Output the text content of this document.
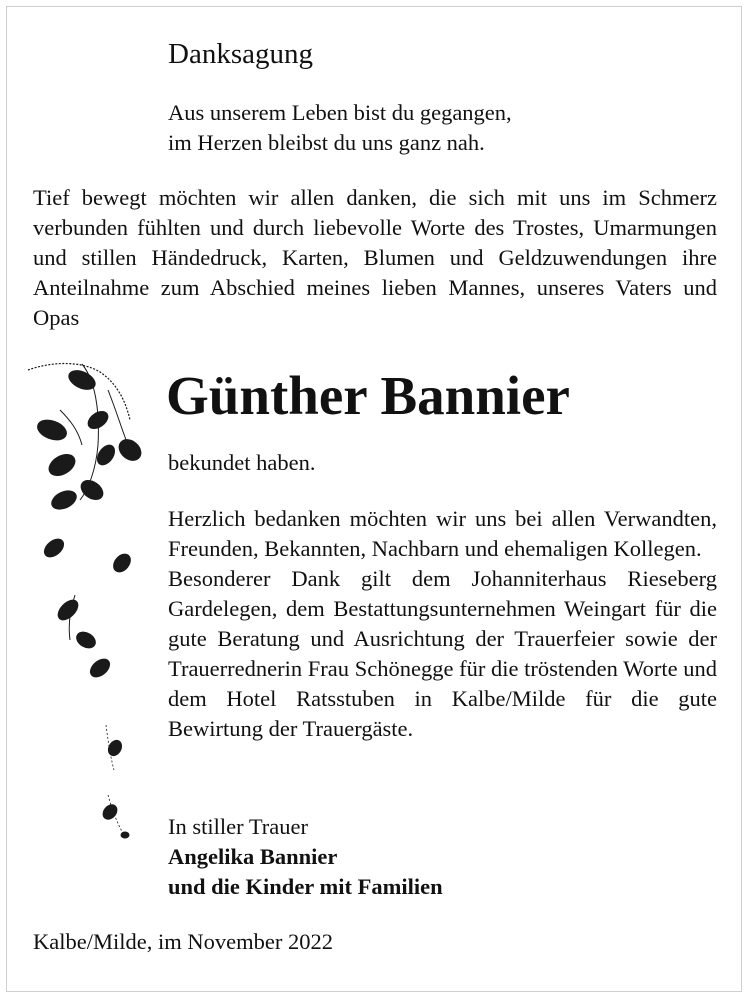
Danksagung
Aus unserem Leben bist du gegangen,
im Herzen bleibst du uns ganz nah.
Tief bewegt möchten wir allen danken, die sich mit uns im Schmerz verbunden fühlten und durch liebevolle Worte des Trostes, Umarmungen und stillen Händedruck, Karten, Blumen und Geldzuwendungen ihre Anteilnahme zum Abschied meines lieben Mannes, unseres Vaters und Opas
Günther Bannier
bekundet haben.

Herzlich bedanken möchten wir uns bei allen Verwandten, Freunden, Bekannten, Nachbarn und ehemaligen Kollegen.

Besonderer Dank gilt dem Johanniterhaus Rieseberg Gardelegen, dem Bestattungsunternehmen Weingart für die gute Beratung und Ausrichtung der Trauerfeier sowie der Trauerrednerin Frau Schönegge für die tröstenden Worte und dem Hotel Ratsstuben in Kalbe/Milde für die gute Bewirtung der Trauergäste.

In stiller Trauer
Angelika Bannier
und die Kinder mit Familien
Kalbe/Milde, im November 2022
